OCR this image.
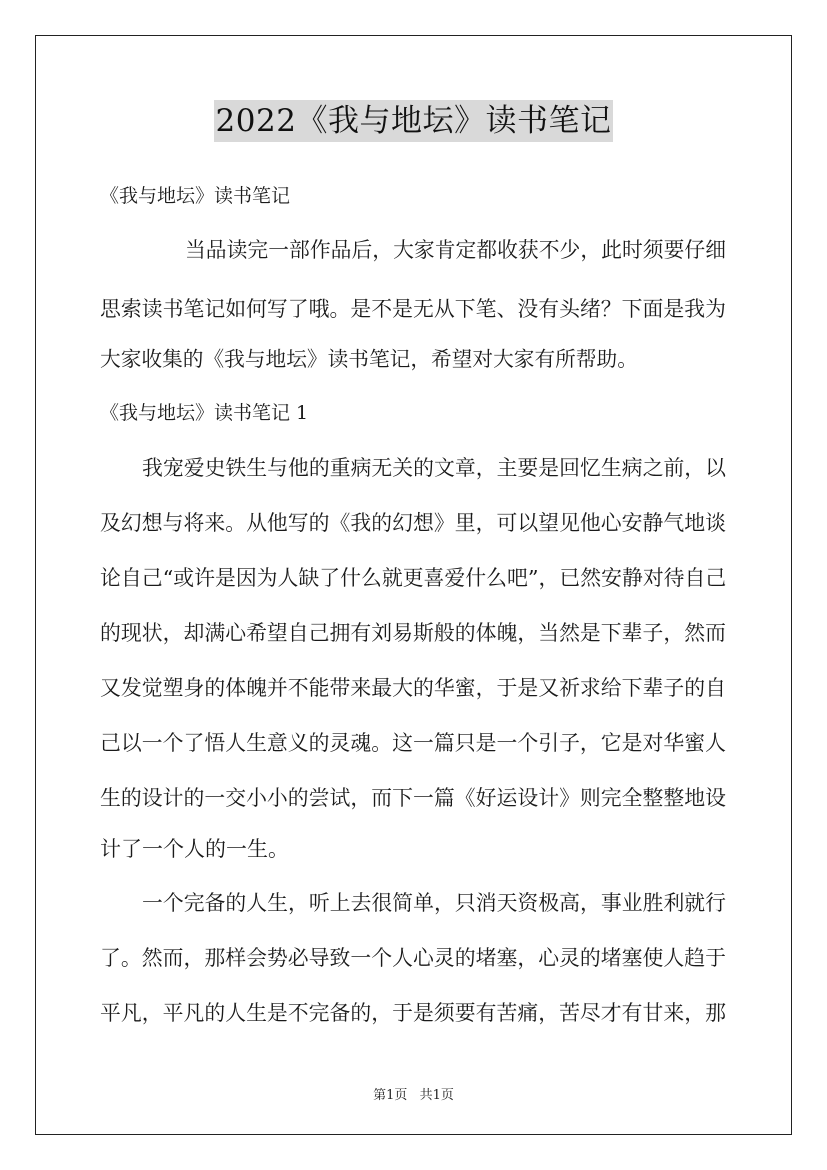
2022《我与地坛》读书笔记
《我与地坛》读书笔记
当品读完一部作品后，大家肯定都收获不少，此时须要仔细
思索读书笔记如何写了哦。是不是无从下笔、没有头绪？下面是我为
大家收集的《我与地坛》读书笔记，希望对大家有所帮助。
《我与地坛》读书笔记 1
我宠爱史铁生与他的重病无关的文章，主要是回忆生病之前，以
及幻想与将来。从他写的《我的幻想》里，可以望见他心安静气地谈
论自己“或许是因为人缺了什么就更喜爱什么吧”，已然安静对待自己
的现状，却满心希望自己拥有刘易斯般的体魄，当然是下辈子，然而
又发觉塑身的体魄并不能带来最大的华蜜，于是又祈求给下辈子的自
己以一个了悟人生意义的灵魂。这一篇只是一个引子，它是对华蜜人
生的设计的一交小小的尝试，而下一篇《好运设计》则完全整整地设
计了一个人的一生。
一个完备的人生，听上去很简单，只消天资极高，事业胜利就行
了。然而，那样会势必导致一个人心灵的堵塞，心灵的堵塞使人趋于
平凡，平凡的人生是不完备的，于是须要有苦痛，苦尽才有甘来，那
第1页 共1页
